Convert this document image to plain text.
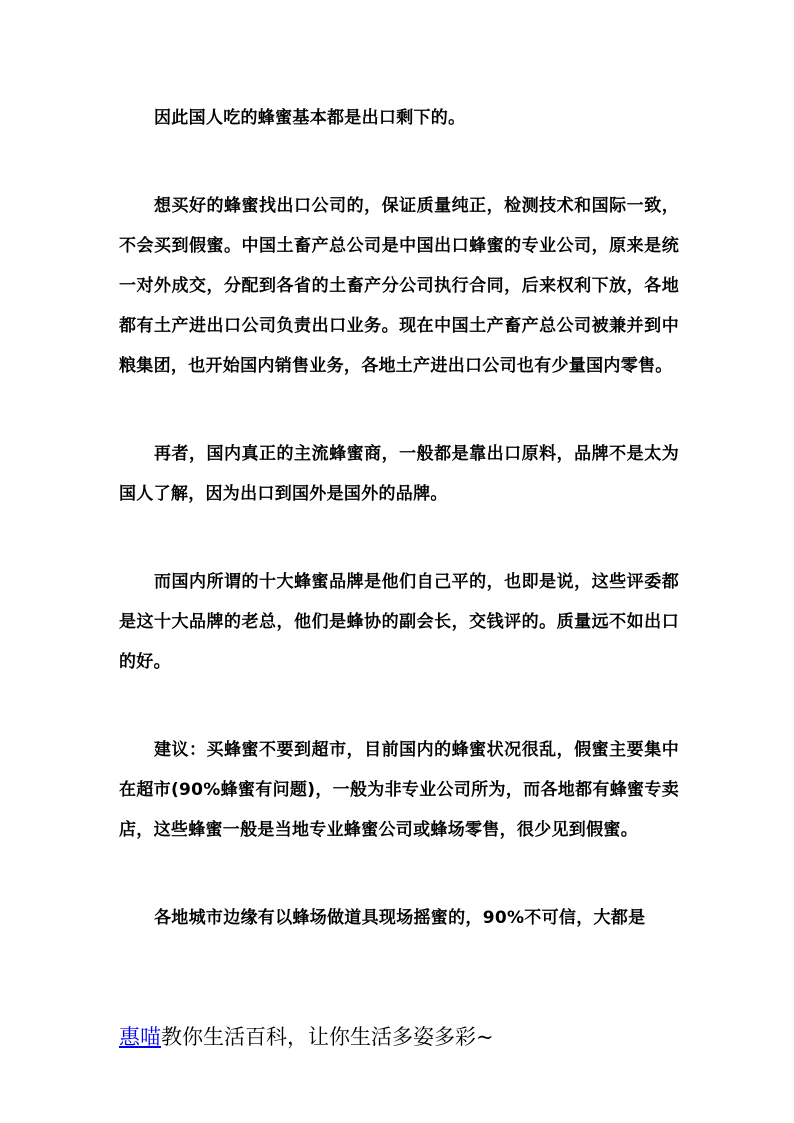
因此国人吃的蜂蜜基本都是出口剩下的。

想买好的蜂蜜找出口公司的，保证质量纯正，检测技术和国际一致，不会买到假蜜。中国土畜产总公司是中国出口蜂蜜的专业公司，原来是统一对外成交，分配到各省的土畜产分公司执行合同，后来权利下放，各地都有土产进出口公司负责出口业务。现在中国土产畜产总公司被兼并到中粮集团，也开始国内销售业务，各地土产进出口公司也有少量国内零售。

再者，国内真正的主流蜂蜜商，一般都是靠出口原料，品牌不是太为国人了解，因为出口到国外是国外的品牌。

而国内所谓的十大蜂蜜品牌是他们自己平的，也即是说，这些评委都是这十大品牌的老总，他们是蜂协的副会长，交钱评的。质量远不如出口的好。

建议：买蜂蜜不要到超市，目前国内的蜂蜜状况很乱，假蜜主要集中在超市(90%蜂蜜有问题)，一般为非专业公司所为，而各地都有蜂蜜专卖店，这些蜂蜜一般是当地专业蜂蜜公司或蜂场零售，很少见到假蜜。

各地城市边缘有以蜂场做道具现场摇蜜的，90%不可信，大都是

惠喵教你生活百科，让你生活多姿多彩~
